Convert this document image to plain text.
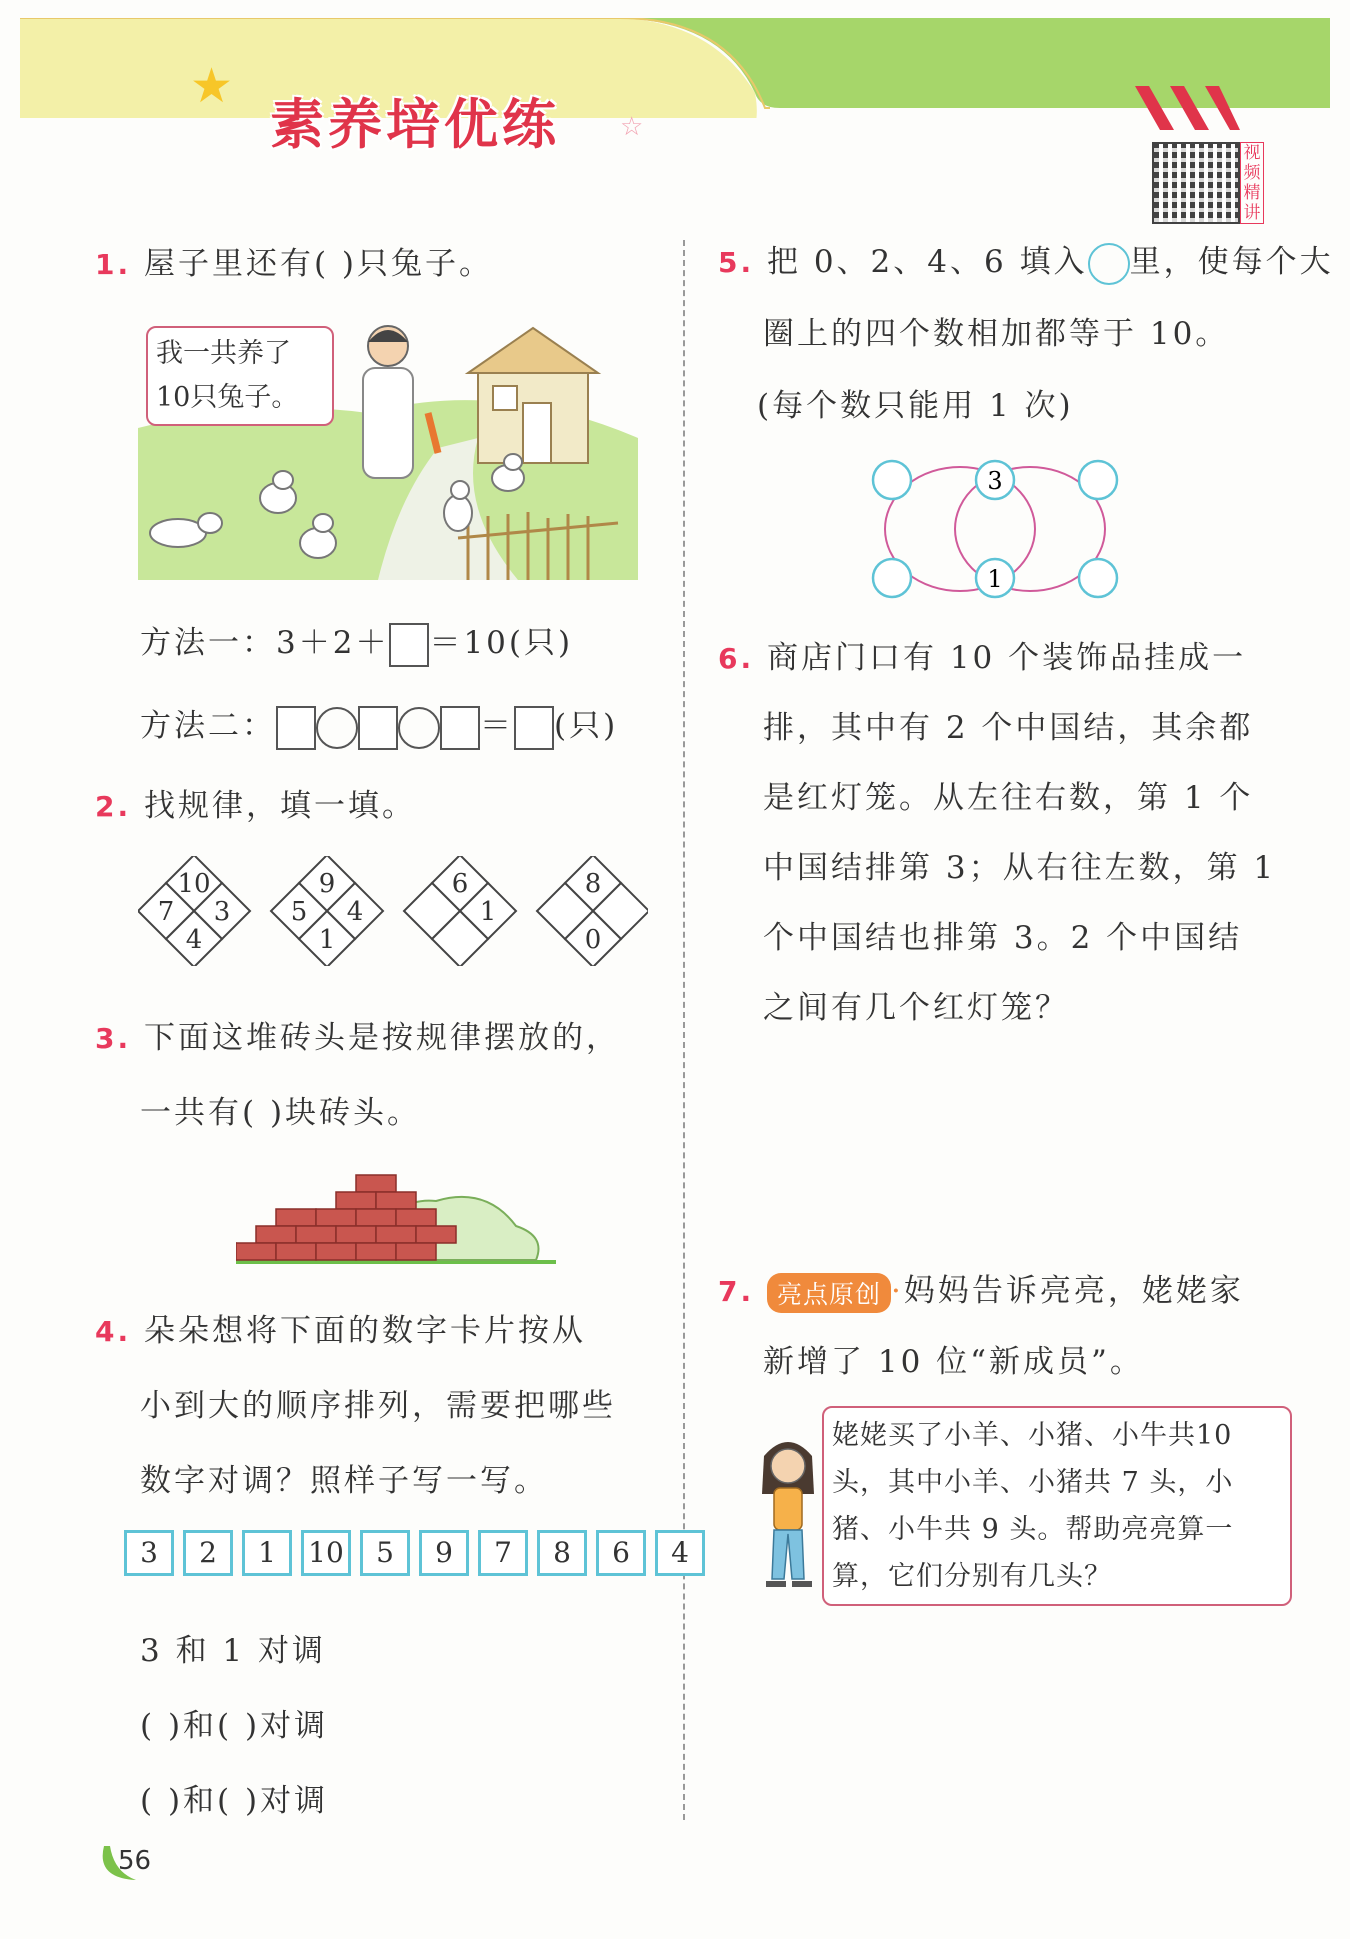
★
☆
素养培优练	视频精讲
1. 屋子里还有( )只兔子。
我一共养了
10只兔子。
方法一：3＋2＋ ＝10(只)
方法二：	＝ (只)
2. 找规律，填一填。
10
7 3
4
9
5 4
1
6
1
8
0
3. 下面这堆砖头是按规律摆放的，
一共有( )块砖头。
4. 朵朵想将下面的数字卡片按从
小到大的顺序排列，需要把哪些
数字对调？照样子写一写。
3 2 1 10 5 9 7 8 6 4
3 和 1 对调
( )和( )对调
( )和( )对调
5. 把 0、2、4、6 填入 里，使每个大
圈上的四个数相加都等于 10。
(每个数只能用 1 次)
3
1
6. 商店门口有 10 个装饰品挂成一
排，其中有 2 个中国结，其余都
是红灯笼。从左往右数，第 1 个
中国结排第 3；从右往左数，第 1
个中国结也排第 3。2 个中国结
之间有几个红灯笼？
7. 亮点原创 ·妈妈告诉亮亮，姥姥家
新增了 10 位“新成员”。
姥姥买了小羊、小猪、小牛共10
头，其中小羊、小猪共 7 头，小
猪、小牛共 9 头。帮助亮亮算一
算，它们分别有几头？
56
